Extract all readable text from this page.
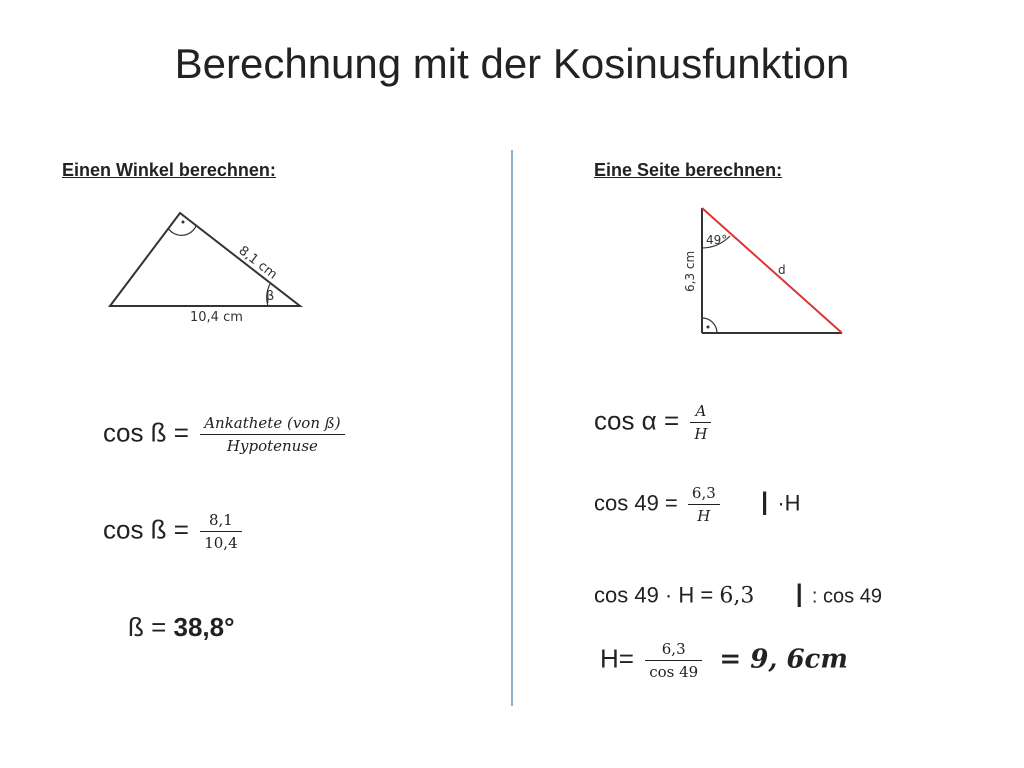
Berechnung mit der Kosinusfunktion
Einen Winkel berechnen:
β
8,1 cm
10,4 cm
cos ß = $\frac{\text{Ankathete (von ß)}}{\text{Hypotenuse}}$
cos ß = $\frac{8,1}{10,4}$
ß = 38,8°
Eine Seite berechnen:
49°
6,3 cm	d
$\cos \alpha = \frac{A}{H}$
$\cos 49 = \frac{6,3}{H}$ I ·H
cos 49 · H = 6,3 I : cos 49
$H= \frac{6,3}{\cos 49} = 9$, 6cm
